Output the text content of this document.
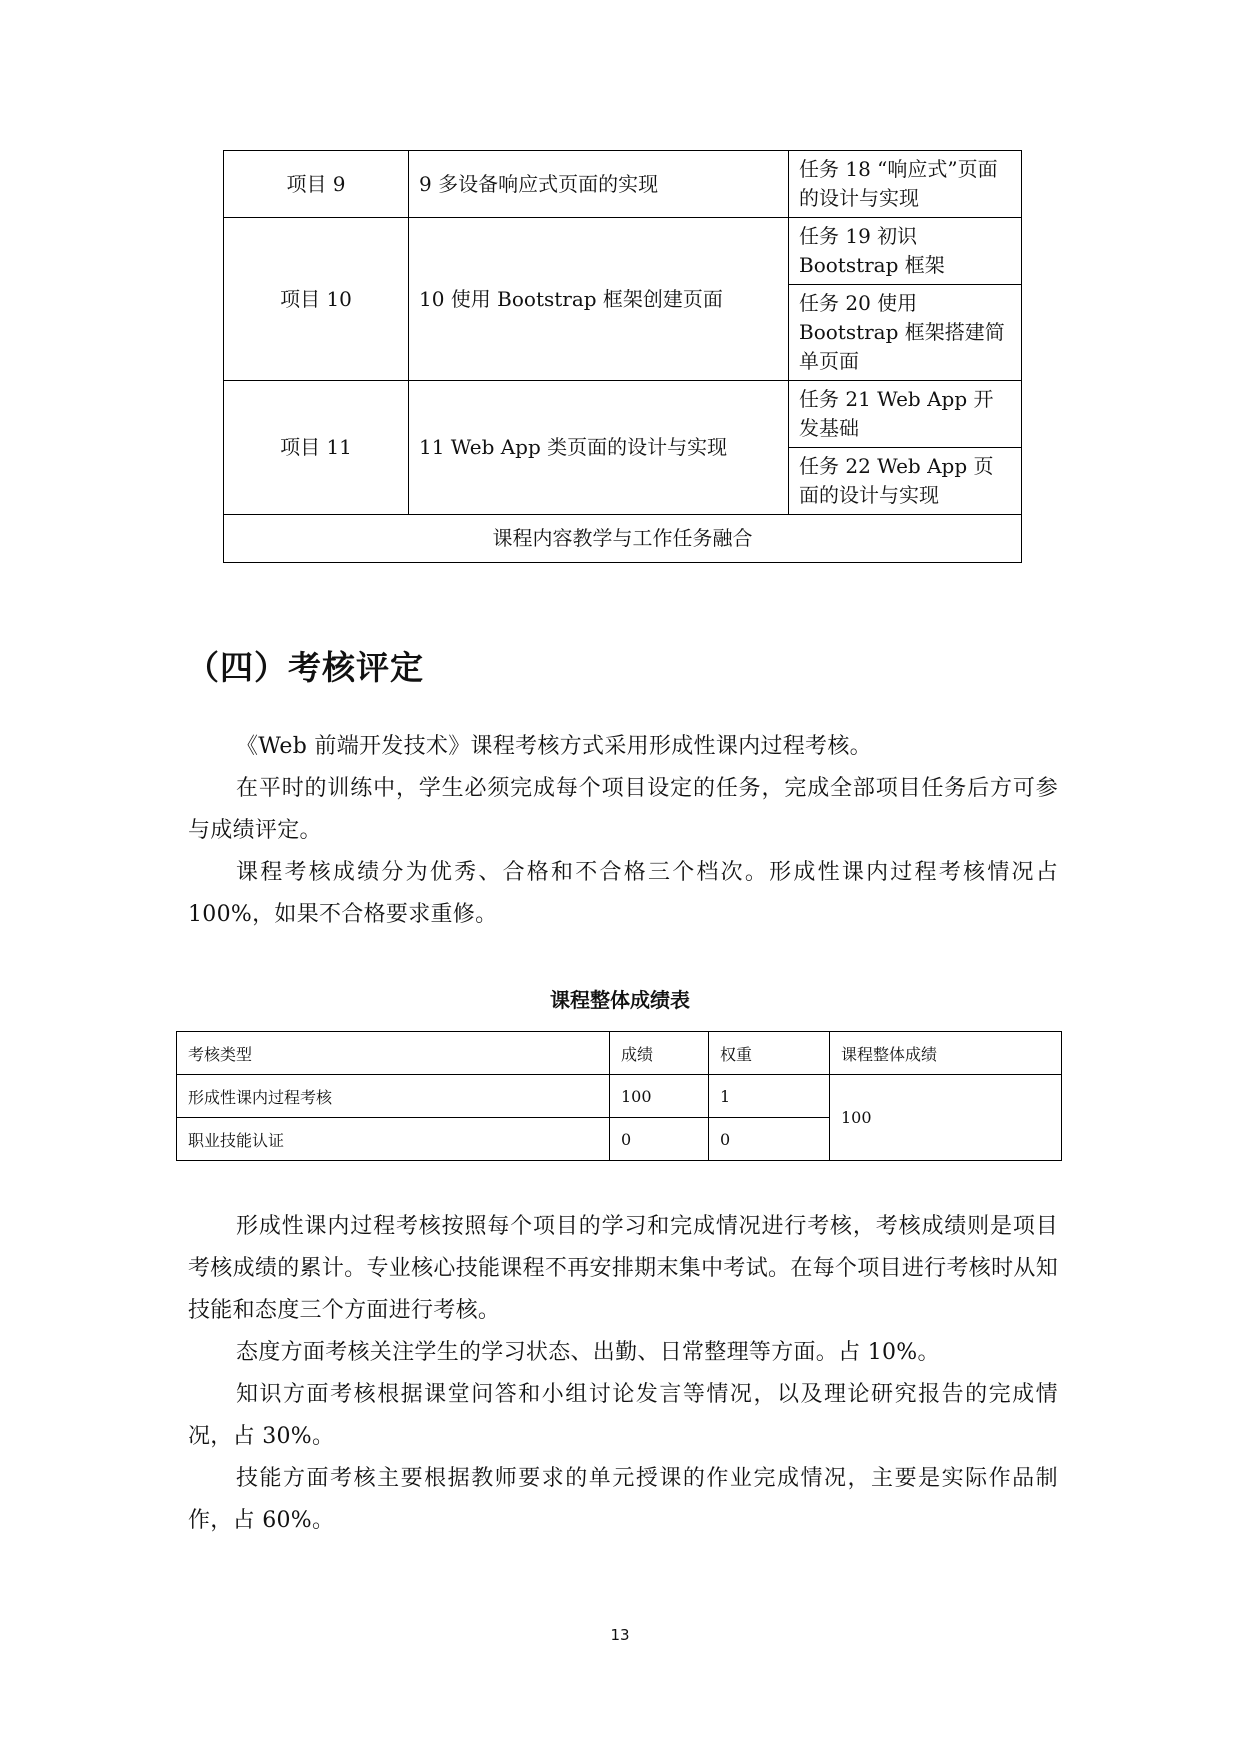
项目 9	9 多设备响应式页面的实现	任务 18 “响应式”页面的设计与实现
项目 10	10 使用 Bootstrap 框架创建页面	任务 19 初识 Bootstrap 框架
		任务 20 使用 Bootstrap 框架搭建简单页面
项目 11	11 Web App 类页面的设计与实现	任务 21 Web App 开发基础
		任务 22 Web App 页面的设计与实现
课程内容教学与工作任务融合		
（四）考核评定

《Web 前端开发技术》课程考核方式采用形成性课内过程考核。

在平时的训练中，学生必须完成每个项目设定的任务，完成全部项目任务后方可参与成绩评定。

课程考核成绩分为优秀、合格和不合格三个档次。形成性课内过程考核情况占 100%，如果不合格要求重修。

课程整体成绩表
考核类型	成绩	权重	课程整体成绩
形成性课内过程考核	100	1	100
职业技能认证	0	0	

形成性课内过程考核按照每个项目的学习和完成情况进行考核，考核成绩则是项目考核成绩的累计。专业核心技能课程不再安排期末集中考试。在每个项目进行考核时从知技能和态度三个方面进行考核。

态度方面考核关注学生的学习状态、出勤、日常整理等方面。占 10%。

知识方面考核根据课堂问答和小组讨论发言等情况，以及理论研究报告的完成情况，占 30%。

技能方面考核主要根据教师要求的单元授课的作业完成情况，主要是实际作品制作，占 60%。

13
